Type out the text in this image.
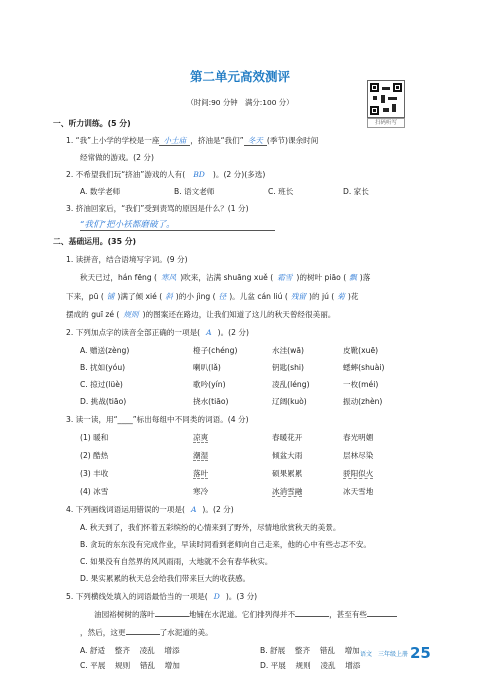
第二单元高效测评
（时间:90 分钟　满分:100 分）
扫码听写
一、听力训练。(5 分)
1. “我”上小学的学校是一座 小土庙 ，挤油是“我们” 冬天 (季节)课余时间
经常做的游戏。(2 分)
2. 不希望我们玩“挤油”游戏的人有( BD )。(2 分)(多选)
A. 数学老师	B. 语文老师	C. 班长	D. 家长
3. 挤油回家后，“我们”受到责骂的原因是什么？(1 分)
“我们”把小袄都磨破了。
二、基础运用。(35 分)
1. 读拼音，结合语境写字词。(9 分)
秋天已过，hán fēng ( 寒风 )吹来，沾满 shuāng xuě ( 霜雪 )的树叶 piāo ( 飘 )落
下来，pū ( 铺 )满了倾 xié ( 斜 )的小 jìng ( 径 )。儿盆 cán liú ( 残留 )的 jú ( 菊 )花
摆成的 guī zé ( 规则 )的图案还在路边，让我们知道了这儿的秋天曾经很美丽。
2. 下列加点字的读音全部正确的一项是( A )。(2 分)
A. 赠送(zèng)	橙子(chéng)	水洼(wā)	皮靴(xuē)
B. 扰如(yóu)	喇叭(lǎ)	钥匙(shi)	蟋蟀(shuài)
C. 掠过(lüè)	歌吟(yín)	凌乱(léng)	一枚(méi)
D. 挑战(tiāo)	挠水(tiāo)	辽阔(kuò)	振动(zhèn)
3. 读一读，用“____”标出每组中不同类的词语。(4 分)
(1) 暖和	凉爽	春暖花开	春光明媚
(2) 酷热	潮湿	倾盆大雨	层林尽染
(3) 丰收	落叶	硕果累累	骄阳似火
(4) 冰雪	寒冷	冰消雪融	冰天雪地
4. 下列画线词语运用错误的一项是( A )。(2 分)
A. 秋天到了，我们怀着五彩缤纷的心情来到了野外，尽情地欣赏秋天的美景。
B. 贪玩的东东没有完成作业，早读时同看到老师向自己走来，他的心中有些忐忑不安。
C. 如果没有自然界的风风雨雨，大地就不会有春华秋实。
D. 果实累累的秋天总会给我们带来巨大的收获感。
5. 下列横线处填入的词语最恰当的一项是( D )。(3 分)
油园裕树树的落叶	地铺在水泥道。它们排列得并不	，甚至有些
，然后，这更	了水泥道的美。
A. 舒适 整齐 凌乱 增添	B. 舒展 整齐 错乱 增加
C. 平展 规则 错乱 增加	D. 平展 规则 凌乱 增添
语文　三年级上册 25
